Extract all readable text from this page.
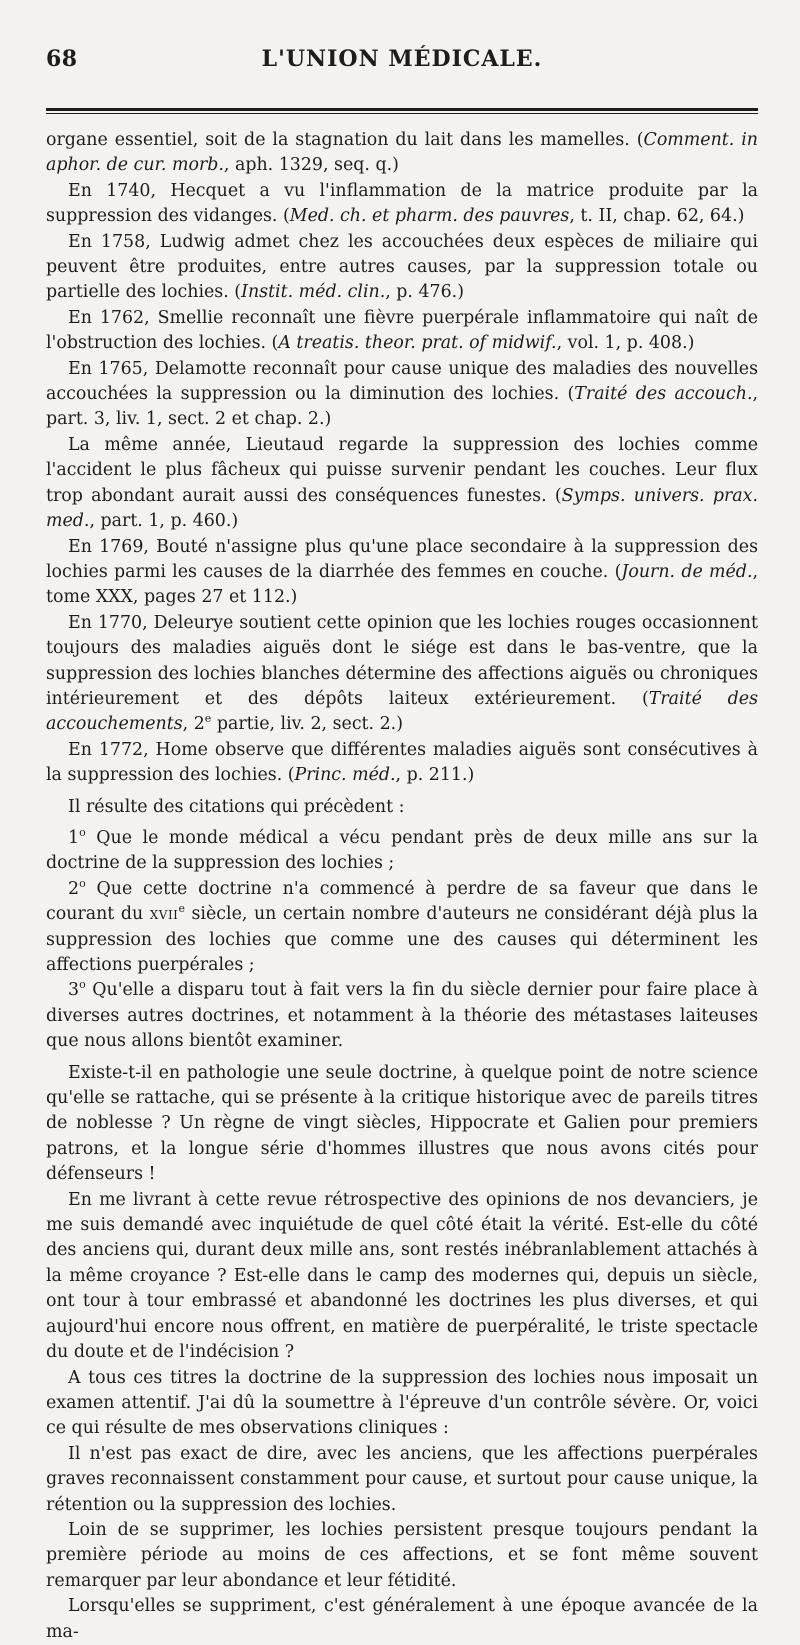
68	L'UNION MÉDICALE.

organe essentiel, soit de la stagnation du lait dans les mamelles. (Comment. in aphor. de cur. morb., aph. 1329, seq. q.)

En 1740, Hecquet a vu l'inflammation de la matrice produite par la suppression des vidanges. (Med. ch. et pharm. des pauvres, t. II, chap. 62, 64.)

En 1758, Ludwig admet chez les accouchées deux espèces de miliaire qui peuvent être produites, entre autres causes, par la suppression totale ou partielle des lochies. (Instit. méd. clin., p. 476.)

En 1762, Smellie reconnaît une fièvre puerpérale inflammatoire qui naît de l'obstruction des lochies. (A treatis. theor. prat. of midwif., vol. 1, p. 408.)

En 1765, Delamotte reconnaît pour cause unique des maladies des nouvelles accouchées la suppression ou la diminution des lochies. (Traité des accouch., part. 3, liv. 1, sect. 2 et chap. 2.)

La même année, Lieutaud regarde la suppression des lochies comme l'accident le plus fâcheux qui puisse survenir pendant les couches. Leur flux trop abondant aurait aussi des conséquences funestes. (Symps. univers. prax. med., part. 1, p. 460.)

En 1769, Bouté n'assigne plus qu'une place secondaire à la suppression des lochies parmi les causes de la diarrhée des femmes en couche. (Journ. de méd., tome XXX, pages 27 et 112.)

En 1770, Deleurye soutient cette opinion que les lochies rouges occasionnent toujours des maladies aiguës dont le siége est dans le bas-ventre, que la suppression des lochies blanches détermine des affections aiguës ou chroniques intérieurement et des dépôts laiteux extérieurement. (Traité des accouchements, 2e partie, liv. 2, sect. 2.)

En 1772, Home observe que différentes maladies aiguës sont consécutives à la suppression des lochies. (Princ. méd., p. 211.)

Il résulte des citations qui précèdent :

1$^o$ Que le monde médical a vécu pendant près de deux mille ans sur la doctrine de la suppression des lochies ;

2$^o$ Que cette doctrine n'a commencé à perdre de sa faveur que dans le courant du xvii$^e$ siècle, un certain nombre d'auteurs ne considérant déjà plus la suppression des lochies que comme une des causes qui déterminent les affections puerpérales ;

3$^o$ Qu'elle a disparu tout à fait vers la fin du siècle dernier pour faire place à diverses autres doctrines, et notamment à la théorie des métastases laiteuses que nous allons bientôt examiner.

Existe-t-il en pathologie une seule doctrine, à quelque point de notre science qu'elle se rattache, qui se présente à la critique historique avec de pareils titres de noblesse ? Un règne de vingt siècles, Hippocrate et Galien pour premiers patrons, et la longue série d'hommes illustres que nous avons cités pour défenseurs !

En me livrant à cette revue rétrospective des opinions de nos devanciers, je me suis demandé avec inquiétude de quel côté était la vérité. Est-elle du côté des anciens qui, durant deux mille ans, sont restés inébranlablement attachés à la même croyance ? Est-elle dans le camp des modernes qui, depuis un siècle, ont tour à tour embrassé et abandonné les doctrines les plus diverses, et qui aujourd'hui encore nous offrent, en matière de puerpéralité, le triste spectacle du doute et de l'indécision ?

A tous ces titres la doctrine de la suppression des lochies nous imposait un examen attentif. J'ai dû la soumettre à l'épreuve d'un contrôle sévère. Or, voici ce qui résulte de mes observations cliniques :

Il n'est pas exact de dire, avec les anciens, que les affections puerpérales graves reconnaissent constamment pour cause, et surtout pour cause unique, la rétention ou la suppression des lochies.

Loin de se supprimer, les lochies persistent presque toujours pendant la première période au moins de ces affections, et se font même souvent remarquer par leur abondance et leur fétidité.

Lorsqu'elles se suppriment, c'est généralement à une époque avancée de la ma-
